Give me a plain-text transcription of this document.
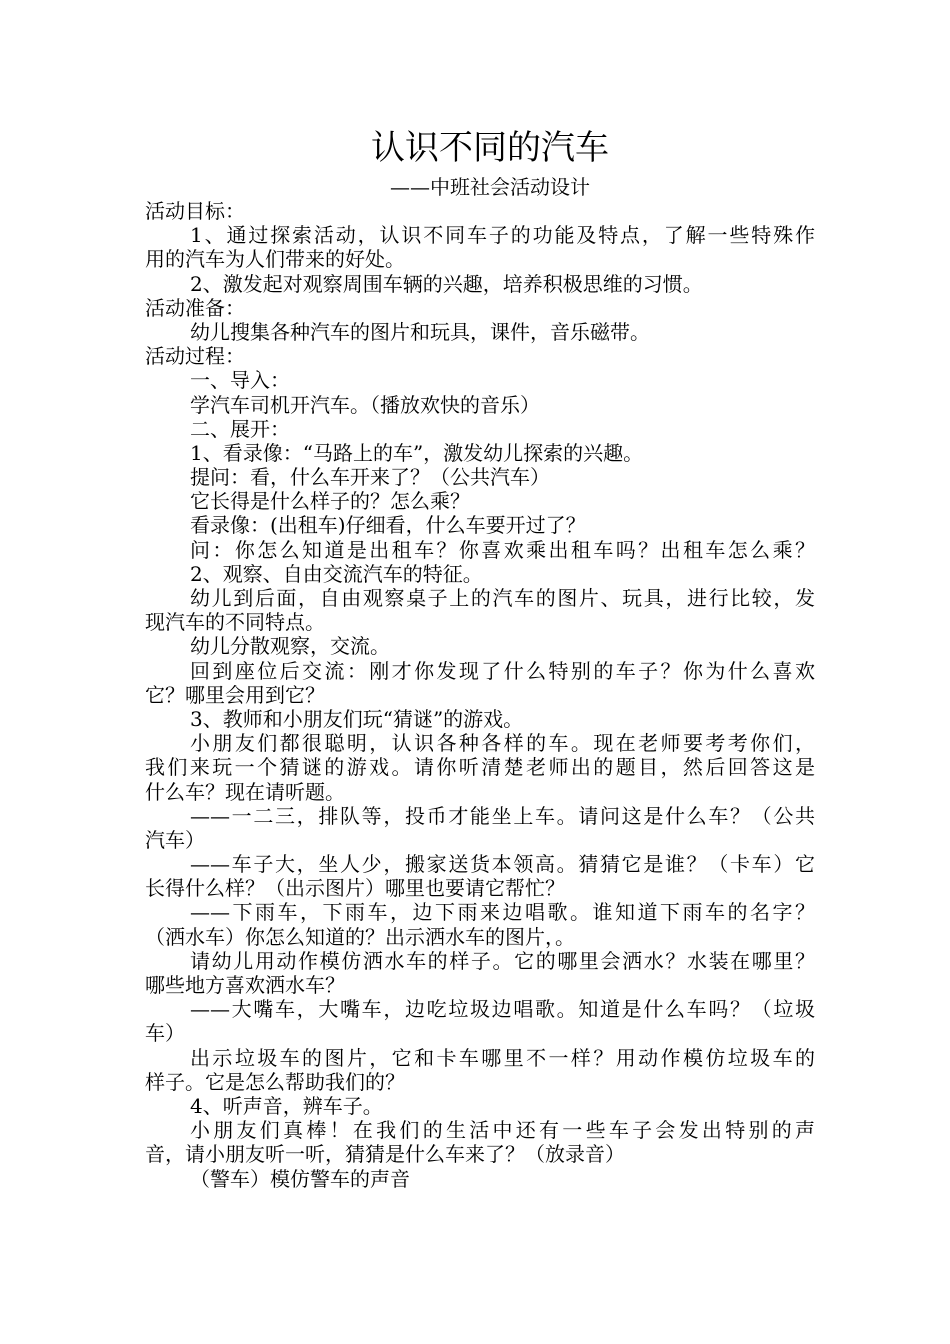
认识不同的汽车
——中班社会活动设计
活动目标：
1、通过探索活动，认识不同车子的功能及特点，了解一些特殊作
用的汽车为人们带来的好处。
2、激发起对观察周围车辆的兴趣，培养积极思维的习惯。
活动准备：
幼儿搜集各种汽车的图片和玩具，课件，音乐磁带。
活动过程：
一、导入：
学汽车司机开汽车。（播放欢快的音乐）
二、展开：
1、看录像：“马路上的车”，激发幼儿探索的兴趣。
提问：看，什么车开来了？（公共汽车）
它长得是什么样子的？怎么乘？
看录像：(出租车)仔细看，什么车要开过了？
问：你怎么知道是出租车？你喜欢乘出租车吗？出租车怎么乘？
2、观察、自由交流汽车的特征。
幼儿到后面，自由观察桌子上的汽车的图片、玩具，进行比较，发
现汽车的不同特点。
幼儿分散观察，交流。
回到座位后交流：刚才你发现了什么特别的车子？你为什么喜欢
它？哪里会用到它？
3、教师和小朋友们玩“猜谜”的游戏。
小朋友们都很聪明，认识各种各样的车。现在老师要考考你们，
我们来玩一个猜谜的游戏。请你听清楚老师出的题目，然后回答这是
什么车？现在请听题。
——一二三，排队等，投币才能坐上车。请问这是什么车？（公共
汽车）
——车子大，坐人少，搬家送货本领高。猜猜它是谁？（卡车）它
长得什么样？（出示图片）哪里也要请它帮忙？
——下雨车，下雨车，边下雨来边唱歌。谁知道下雨车的名字？
（洒水车）你怎么知道的？出示洒水车的图片，。
请幼儿用动作模仿洒水车的样子。它的哪里会洒水？水装在哪里？
哪些地方喜欢洒水车？
——大嘴车，大嘴车，边吃垃圾边唱歌。知道是什么车吗？（垃圾
车）
出示垃圾车的图片，它和卡车哪里不一样？用动作模仿垃圾车的
样子。它是怎么帮助我们的？
4、听声音，辨车子。
小朋友们真棒！在我们的生活中还有一些车子会发出特别的声
音，请小朋友听一听，猜猜是什么车来了？（放录音）
（警车）模仿警车的声音
